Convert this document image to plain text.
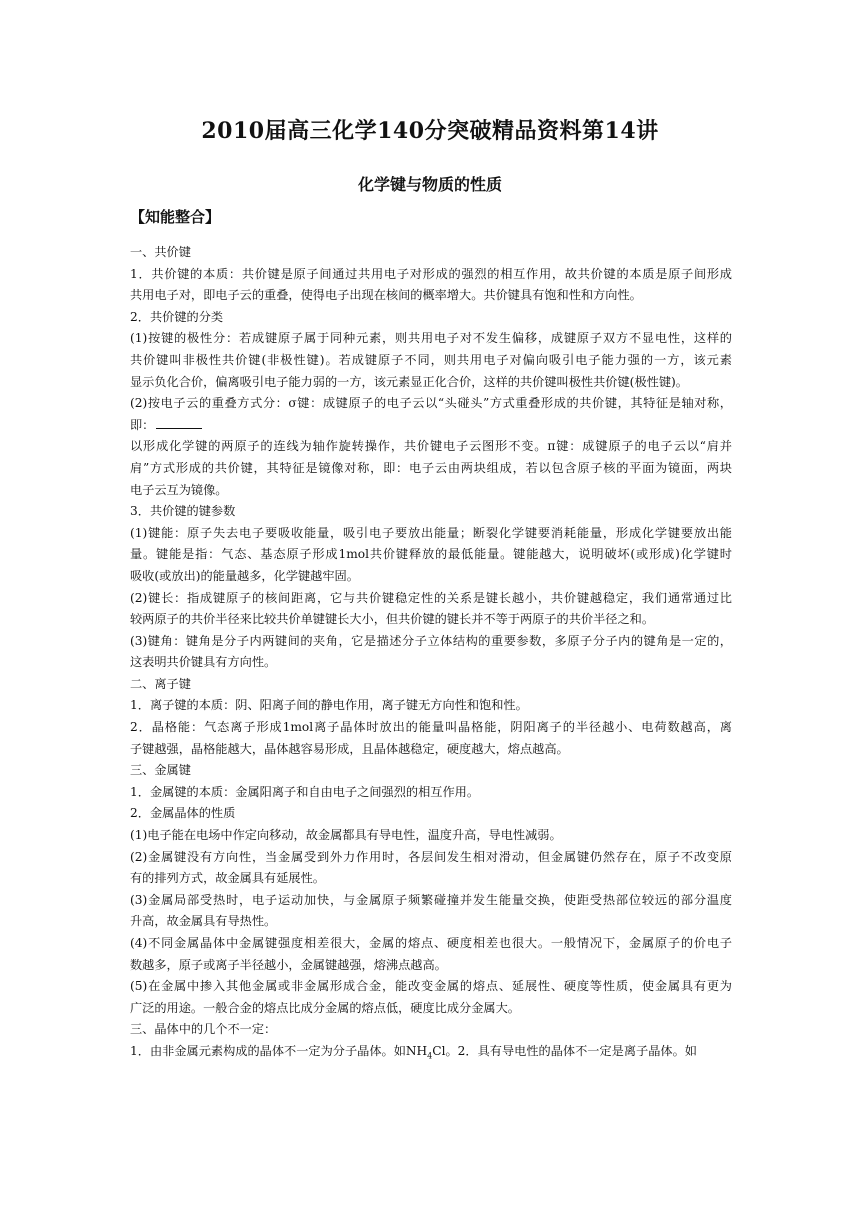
2010届高三化学140分突破精品资料第14讲
化学键与物质的性质
【知能整合】
一、共价键
1．共价键的本质：共价键是原子间通过共用电子对形成的强烈的相互作用，故共价键的本质是原子间形成
共用电子对，即电子云的重叠，使得电子出现在核间的概率增大。共价键具有饱和性和方向性。
2．共价键的分类
(1)按键的极性分：若成键原子属于同种元素，则共用电子对不发生偏移，成键原子双方不显电性，这样的
共价键叫非极性共价键(非极性键)。若成键原子不同，则共用电子对偏向吸引电子能力强的一方，该元素
显示负化合价，偏离吸引电子能力弱的一方，该元素显正化合价，这样的共价键叫极性共价键(极性键)。
(2)按电子云的重叠方式分：σ键：成键原子的电子云以“头碰头”方式重叠形成的共价键，其特征是轴对称，
即：
以形成化学键的两原子的连线为轴作旋转操作，共价键电子云图形不变。π键：成键原子的电子云以“肩并
肩”方式形成的共价键，其特征是镜像对称，即：电子云由两块组成，若以包含原子核的平面为镜面，两块
电子云互为镜像。
3．共价键的键参数
(1)键能：原子失去电子要吸收能量，吸引电子要放出能量；断裂化学键要消耗能量，形成化学键要放出能
量。键能是指：气态、基态原子形成1mol共价键释放的最低能量。键能越大，说明破坏(或形成)化学键时
吸收(或放出)的能量越多，化学键越牢固。
(2)键长：指成键原子的核间距离，它与共价键稳定性的关系是键长越小，共价键越稳定，我们通常通过比
较两原子的共价半径来比较共价单键键长大小，但共价键的键长并不等于两原子的共价半径之和。
(3)键角：键角是分子内两键间的夹角，它是描述分子立体结构的重要参数，多原子分子内的键角是一定的，
这表明共价键具有方向性。
二、离子键
1．离子键的本质：阴、阳离子间的静电作用，离子键无方向性和饱和性。
2．晶格能：气态离子形成1mol离子晶体时放出的能量叫晶格能，阴阳离子的半径越小、电荷数越高，离
子键越强，晶格能越大，晶体越容易形成，且晶体越稳定，硬度越大，熔点越高。
三、金属键
1．金属键的本质：金属阳离子和自由电子之间强烈的相互作用。
2．金属晶体的性质
(1)电子能在电场中作定向移动，故金属都具有导电性，温度升高，导电性减弱。
(2)金属键没有方向性，当金属受到外力作用时，各层间发生相对滑动，但金属键仍然存在，原子不改变原
有的排列方式，故金属具有延展性。
(3)金属局部受热时，电子运动加快，与金属原子频繁碰撞并发生能量交换，使距受热部位较远的部分温度
升高，故金属具有导热性。
(4)不同金属晶体中金属键强度相差很大，金属的熔点、硬度相差也很大。一般情况下，金属原子的价电子
数越多，原子或离子半径越小，金属键越强，熔沸点越高。
(5)在金属中掺入其他金属或非金属形成合金，能改变金属的熔点、延展性、硬度等性质，使金属具有更为
广泛的用途。一般合金的熔点比成分金属的熔点低，硬度比成分金属大。
三、晶体中的几个不一定：
1．由非金属元素构成的晶体不一定为分子晶体。如$NH_4Cl$。2．具有导电性的晶体不一定是离子晶体。如
